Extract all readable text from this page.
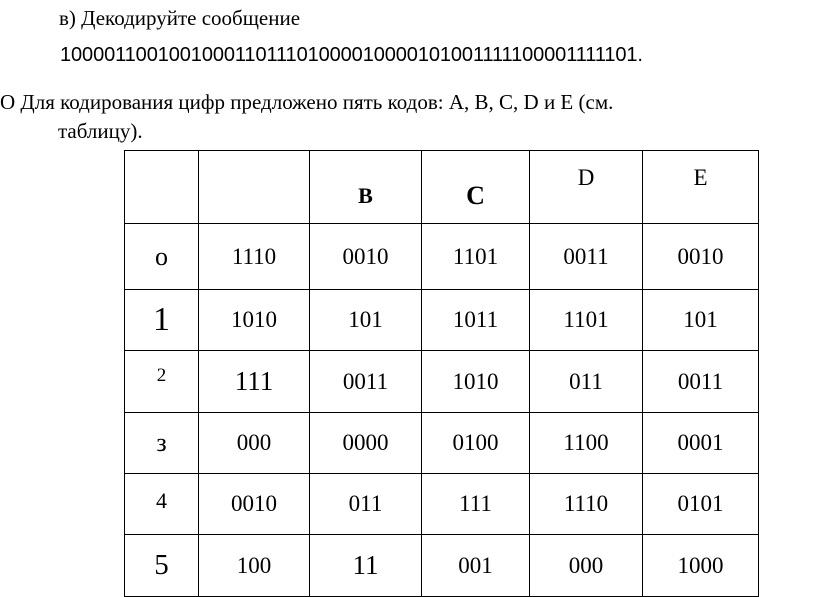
в) Декодируйте сообщение
100001100100100011011101000010000101001111100001111101.
О Для кодирования цифр предложено пять кодов: А, В, С, D и Е (см.
таблицу).
		В	С	D	Е
о	1110	0010	1101	0011	0010
1	1010	101	1011	1101	101
2	111	0011	1010	011	0011
з	000	0000	0100	1100	0001
4	0010	011	111	1110	0101
5	100	11	001	000	1000
